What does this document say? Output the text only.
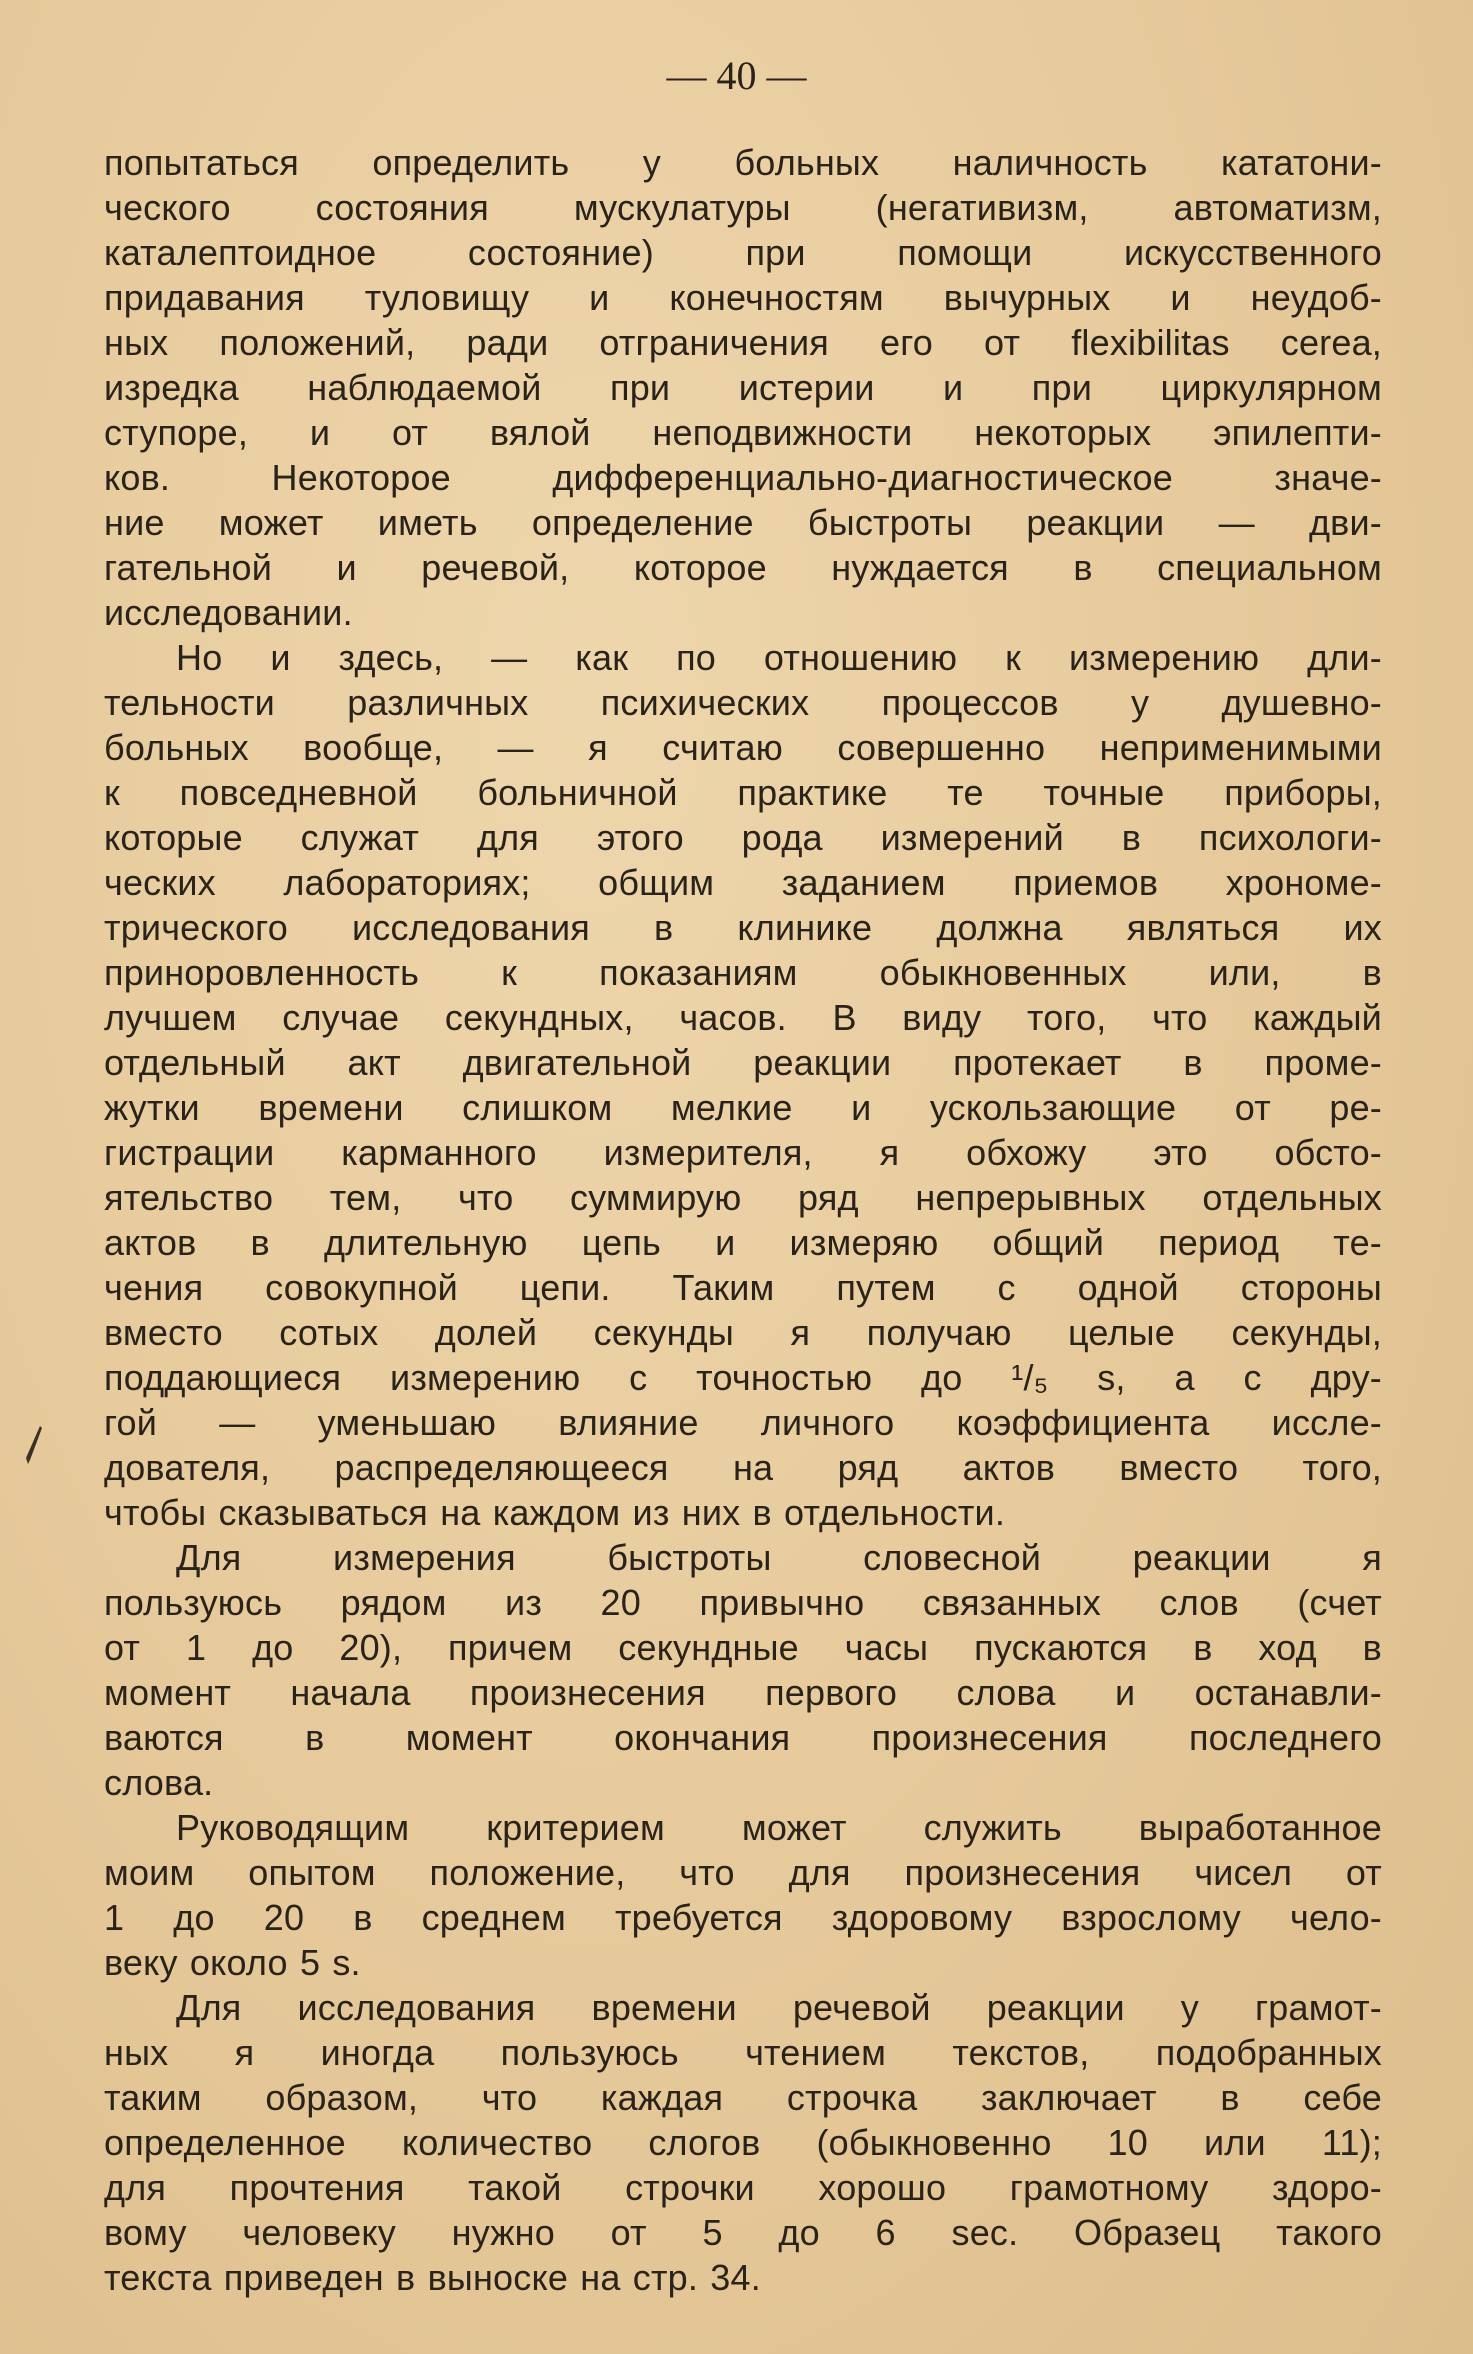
— 40 —
попытаться определить у больных наличность кататони-
ческого состояния мускулатуры (негативизм, автоматизм,
каталептоидное состояние) при помощи искусственного
придавания туловищу и конечностям вычурных и неудоб-
ных положений, ради отграничения его от flexibilitas cerea,
изредка наблюдаемой при истерии и при циркулярном
ступоре, и от вялой неподвижности некоторых эпилепти-
ков. Некоторое дифференциально-диагностическое значе-
ние может иметь определение быстроты реакции — дви-
гательной и речевой, которое нуждается в специальном
исследовании.
Но и здесь, — как по отношению к измерению дли-
тельности различных психических процессов у душевно-
больных вообще, — я считаю совершенно неприменимыми
к повседневной больничной практике те точные приборы,
которые служат для этого рода измерений в психологи-
ческих лабораториях; общим заданием приемов хрономе-
трического исследования в клинике должна являться их
приноровленность к показаниям обыкновенных или, в
лучшем случае секундных, часов. В виду того, что каждый
отдельный акт двигательной реакции протекает в проме-
жутки времени слишком мелкие и ускользающие от ре-
гистрации карманного измерителя, я обхожу это обсто-
ятельство тем, что суммирую ряд непрерывных отдельных
актов в длительную цепь и измеряю общий период те-
чения совокупной цепи. Таким путем с одной стороны
вместо сотых долей секунды я получаю целые секунды,
поддающиеся измерению с точностью до ¹/₅ s, а с дру-
гой — уменьшаю влияние личного коэффициента иссле-
дователя, распределяющееся на ряд актов вместо того,
чтобы сказываться на каждом из них в отдельности.
Для измерения быстроты словесной реакции я
пользуюсь рядом из 20 привычно связанных слов (счет
от 1 до 20), причем секундные часы пускаются в ход в
момент начала произнесения первого слова и останавли-
ваются в момент окончания произнесения последнего
слова.
Руководящим критерием может служить выработанное
моим опытом положение, что для произнесения чисел от
1 до 20 в среднем требуется здоровому взрослому чело-
веку около 5 s.
Для исследования времени речевой реакции у грамот-
ных я иногда пользуюсь чтением текстов, подобранных
таким образом, что каждая строчка заключает в себе
определенное количество слогов (обыкновенно 10 или 11);
для прочтения такой строчки хорошо грамотному здоро-
вому человеку нужно от 5 до 6 sec. Образец такого
текста приведен в выноске на стр. 34.
